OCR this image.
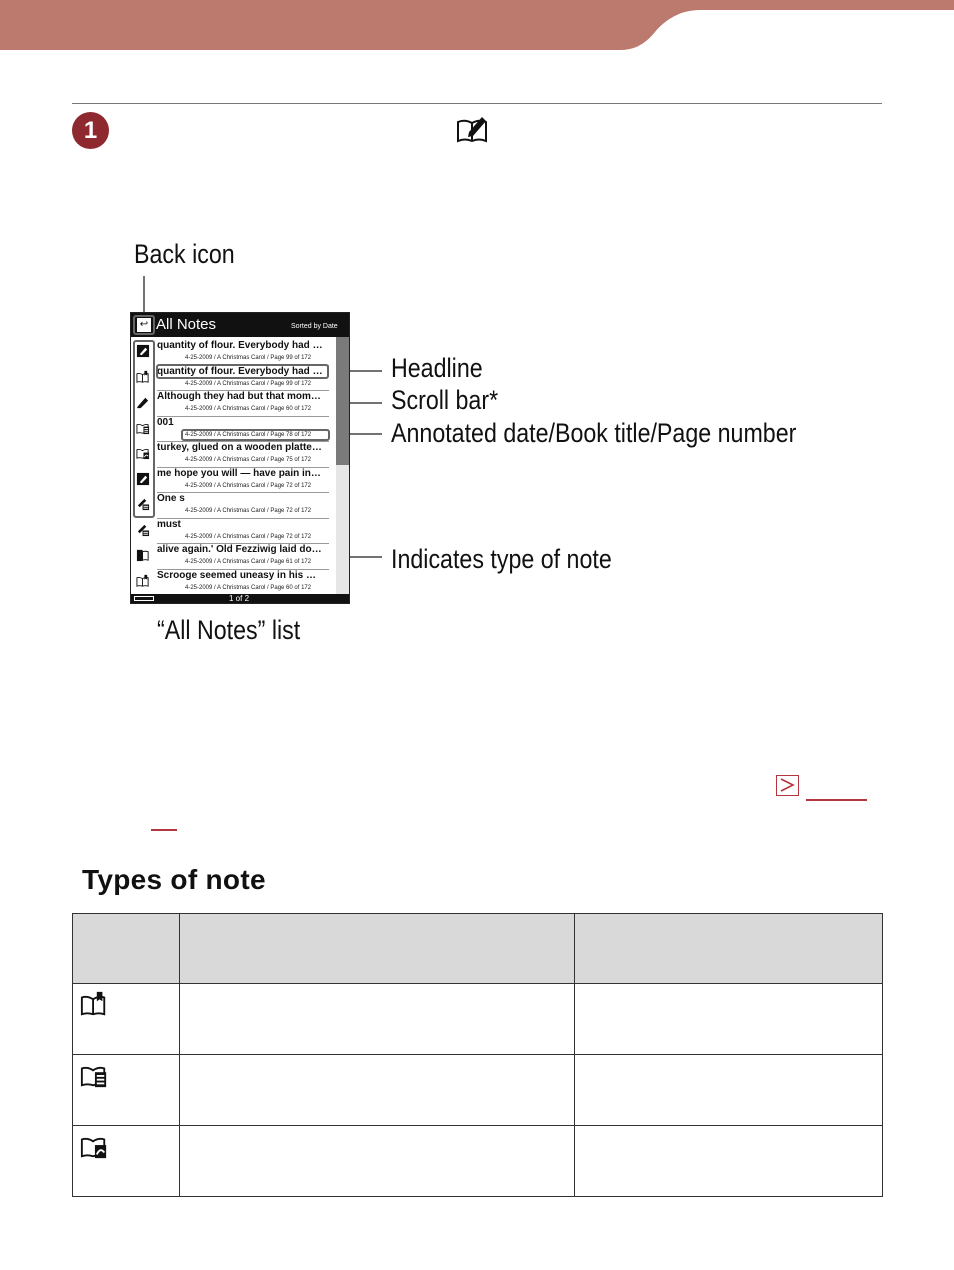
1
Back icon
Headline
Scroll bar*
Annotated date/Book title/Page number
Indicates type of note
“All Notes” list
↩ All Notes	Sorted by Date
quantity of flour. Everybody had …
4-25-2009 / A Christmas Carol / Page 99 of 172
quantity of flour. Everybody had …
4-25-2009 / A Christmas Carol / Page 99 of 172
Although they had but that mom…
4-25-2009 / A Christmas Carol / Page 60 of 172
001
4-25-2009 / A Christmas Carol / Page 78 of 172
turkey, glued on a wooden platte…
4-25-2009 / A Christmas Carol / Page 75 of 172
me hope you will — have pain in…
4-25-2009 / A Christmas Carol / Page 72 of 172
One s
4-25-2009 / A Christmas Carol / Page 72 of 172
must
4-25-2009 / A Christmas Carol / Page 72 of 172
alive again.' Old Fezziwig laid do…
4-25-2009 / A Christmas Carol / Page 61 of 172
Scrooge seemed uneasy in his …
4-25-2009 / A Christmas Carol / Page 60 of 172
1 of 2
Types of note
